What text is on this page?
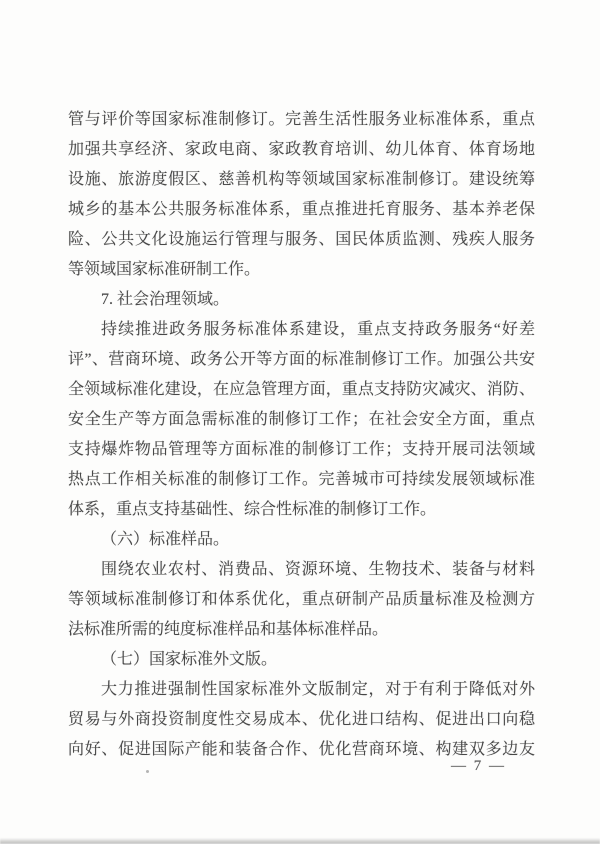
管与评价等国家标准制修订。完善生活性服务业标准体系，重点
加强共享经济、家政电商、家政教育培训、幼儿体育、体育场地
设施、旅游度假区、慈善机构等领域国家标准制修订。建设统筹
城乡的基本公共服务标准体系，重点推进托育服务、基本养老保
险、公共文化设施运行管理与服务、国民体质监测、残疾人服务
等领域国家标准研制工作。
7. 社会治理领域。
持续推进政务服务标准体系建设，重点支持政务服务“好差
评”、营商环境、政务公开等方面的标准制修订工作。加强公共安
全领域标准化建设，在应急管理方面，重点支持防灾减灾、消防、
安全生产等方面急需标准的制修订工作；在社会安全方面，重点
支持爆炸物品管理等方面标准的制修订工作；支持开展司法领域
热点工作相关标准的制修订工作。完善城市可持续发展领域标准
体系，重点支持基础性、综合性标准的制修订工作。
（六）标准样品。
围绕农业农村、消费品、资源环境、生物技术、装备与材料
等领域标准制修订和体系优化，重点研制产品质量标准及检测方
法标准所需的纯度标准样品和基体标准样品。
（七）国家标准外文版。
大力推进强制性国家标准外文版制定，对于有利于降低对外
贸易与外商投资制度性交易成本、优化进口结构、促进出口向稳
向好、促进国际产能和装备合作、优化营商环境、构建双多边友
— 7 —
